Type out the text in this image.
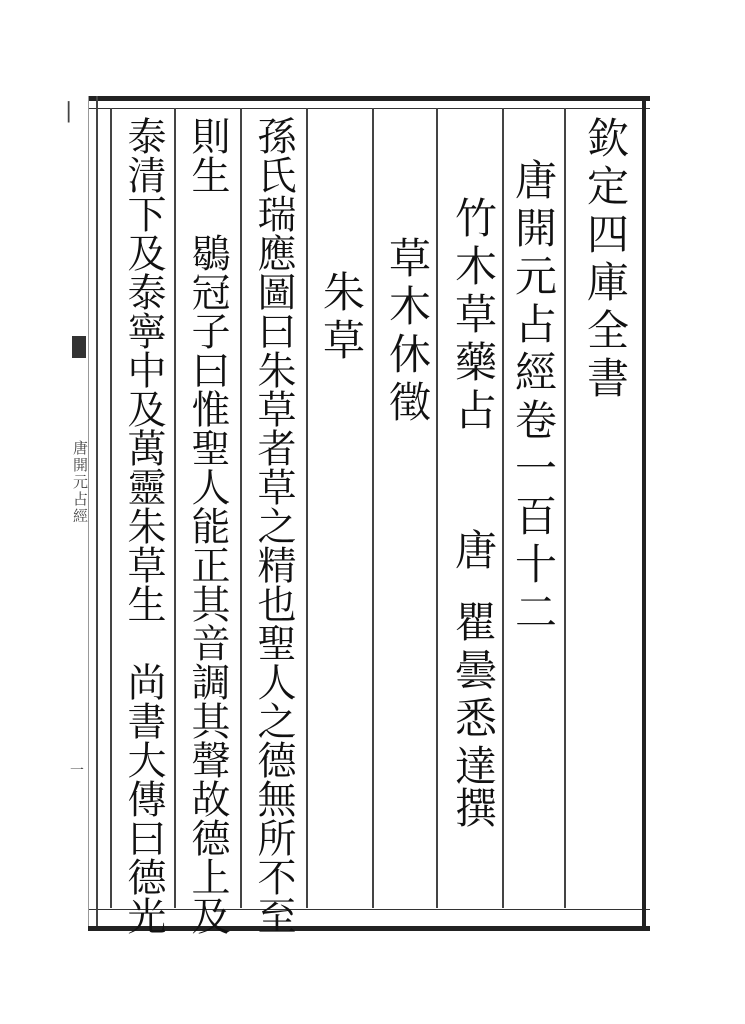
▏
唐開元占經
一
欽定四庫全書
唐開元占經卷一百十二
竹木草藥占
唐
瞿曇悉達
撰
草木休徵
朱草
孫氏瑞應圖曰朱草者草之精也聖人之德無所不至
則生　鶡冠子曰惟聖人能正其音調其聲故德上及
泰清下及泰寧中及萬靈朱草生　尚書大傳曰德光
